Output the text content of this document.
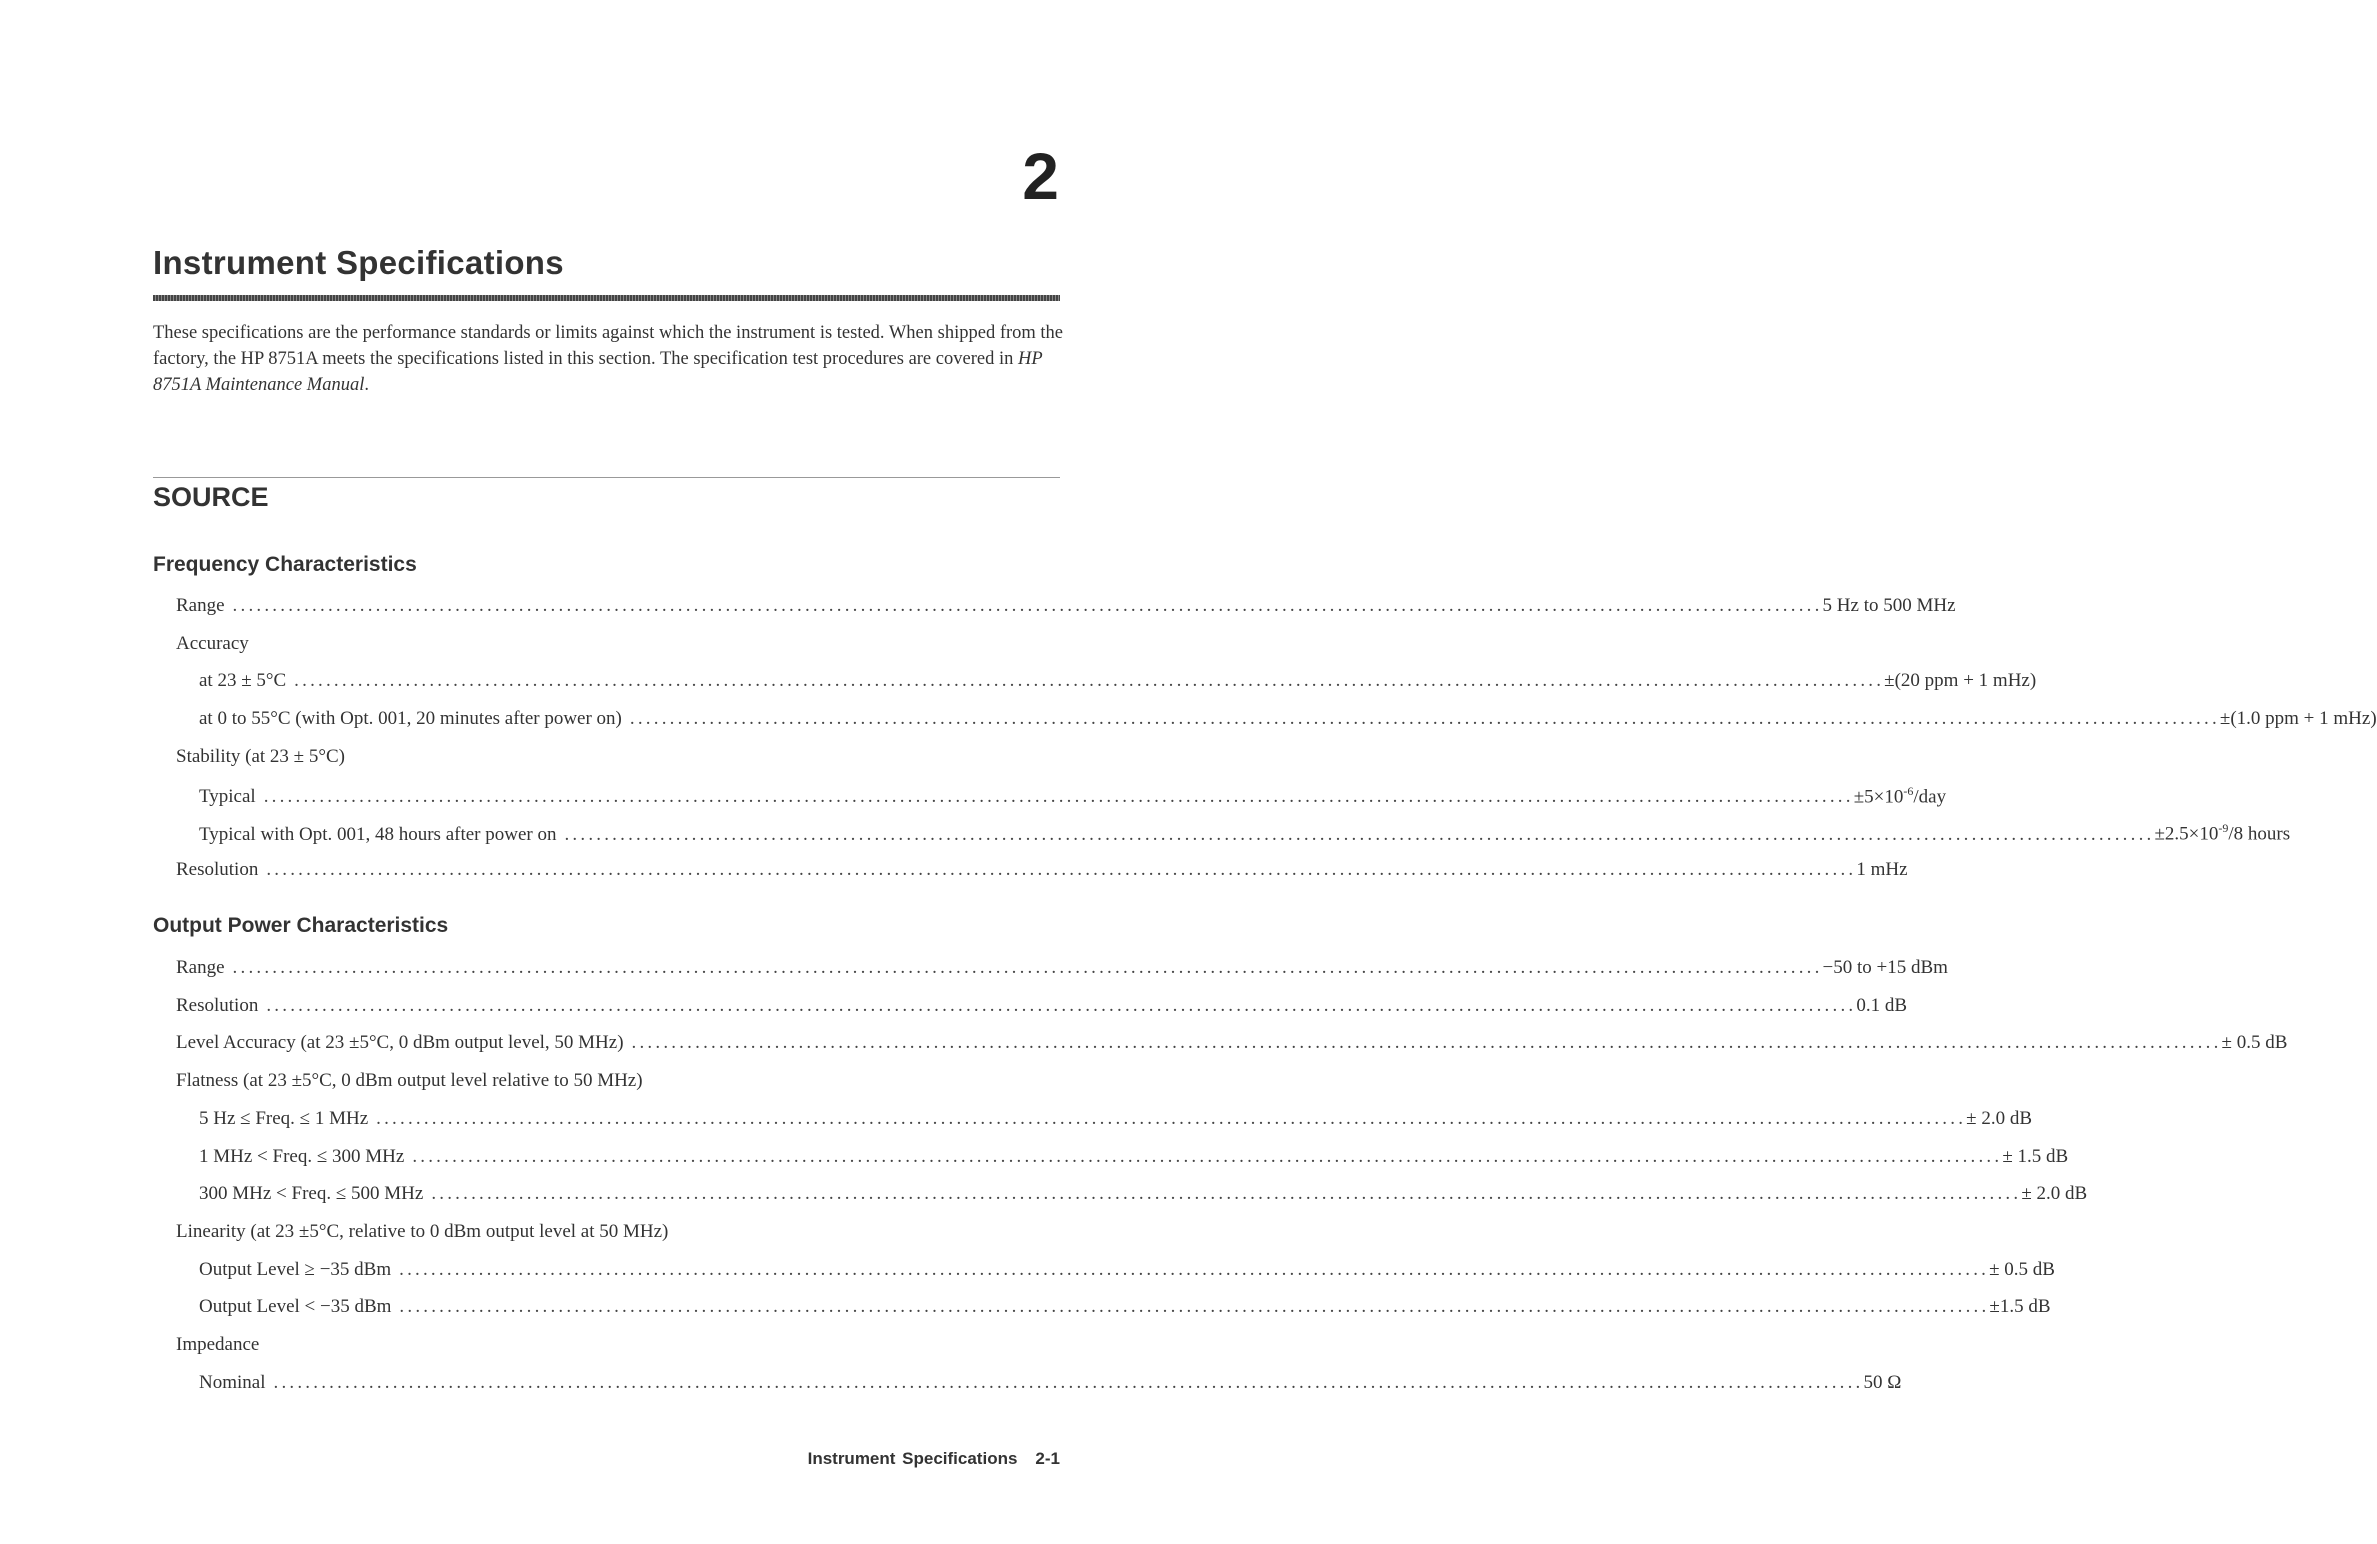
2
Instrument Specifications
These specifications are the performance standards or limits against which the instrument is tested. When shipped from the factory, the HP 8751A meets the specifications listed in this section. The specification test procedures are covered in HP 8751A Maintenance Manual.
SOURCE
Frequency Characteristics
Range ........................................................................................................................................................................................................ 5 Hz to 500 MHz
Accuracy
at 23 ± 5°C ........................................................................................................................................................................................................ ±(20 ppm + 1 mHz)
at 0 to 55°C (with Opt. 001, 20 minutes after power on) ........................................................................................................................................................................................................ ±(1.0 ppm + 1 mHz)
Stability (at 23 ± 5°C)
Typical ........................................................................................................................................................................................................ $\pm 5\times 10^{-6}$/day
Typical with Opt. 001, 48 hours after power on ........................................................................................................................................................................................................ $\pm 2.5\times 10^{-9}/8$ hours
Resolution ........................................................................................................................................................................................................ 1 mHz
Output Power Characteristics
Range ........................................................................................................................................................................................................ −50 to +15 dBm
Resolution ........................................................................................................................................................................................................ 0.1 dB
Level Accuracy (at 23 ±5°C, 0 dBm output level, 50 MHz) ........................................................................................................................................................................................................ ± 0.5 dB
Flatness (at 23 ±5°C, 0 dBm output level relative to 50 MHz)
5 Hz ≤ Freq. ≤ 1 MHz ........................................................................................................................................................................................................ ± 2.0 dB
1 MHz < Freq. ≤ 300 MHz ........................................................................................................................................................................................................ ± 1.5 dB
300 MHz < Freq. ≤ 500 MHz ........................................................................................................................................................................................................ ± 2.0 dB
Linearity (at 23 ±5°C, relative to 0 dBm output level at 50 MHz)
Output Level ≥ −35 dBm ........................................................................................................................................................................................................ ± 0.5 dB
Output Level < −35 dBm ........................................................................................................................................................................................................ ±1.5 dB
Impedance
Nominal ........................................................................................................................................................................................................ 50 Ω
Instrument Specifications 2-1
